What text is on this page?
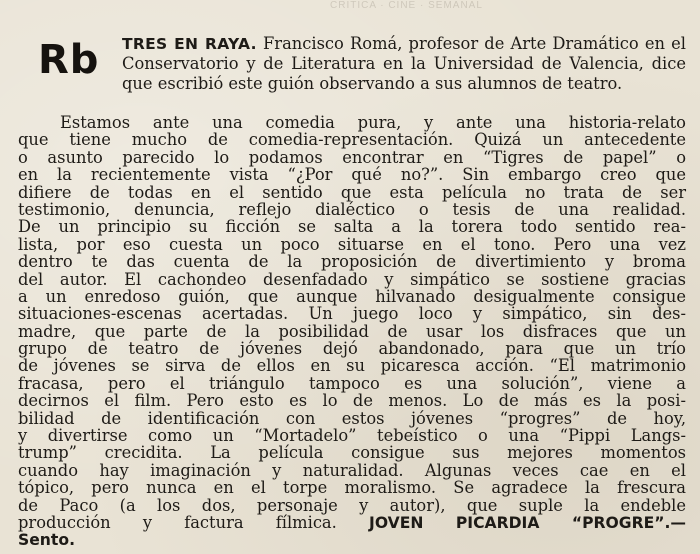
CRITICA · CINE · SEMANAL
Rb TRES EN RAYA. Francisco Romá, profesor de Arte Dramático en el Conservatorio y de Literatura en la Universidad de Valencia, dice que escribió este guión observando a sus alumnos de teatro.
Estamos ante una comedia pura, y ante una historia-relato
que tiene mucho de comedia-representación. Quizá un antecedente
o asunto parecido lo podamos encontrar en “Tigres de papel” o
en la recientemente vista “¿Por qué no?”. Sin embargo creo que
difiere de todas en el sentido que esta película no trata de ser
testimonio, denuncia, reflejo dialéctico o tesis de una realidad.
De un principio su ficción se salta a la torera todo sentido rea-
lista, por eso cuesta un poco situarse en el tono. Pero una vez
dentro te das cuenta de la proposición de divertimiento y broma
del autor. El cachondeo desenfadado y simpático se sostiene gracias
a un enredoso guión, que aunque hilvanado desigualmente consigue
situaciones-escenas acertadas. Un juego loco y simpático, sin des-
madre, que parte de la posibilidad de usar los disfraces que un
grupo de teatro de jóvenes dejó abandonado, para que un trío
de jóvenes se sirva de ellos en su picaresca acción. “El matrimonio
fracasa, pero el triángulo tampoco es una solución”, viene a
decirnos el film. Pero esto es lo de menos. Lo de más es la posi-
bilidad de identificación con estos jóvenes “progres” de hoy,
y divertirse como un “Mortadelo” tebeístico o una “Pippi Langs-
trump” crecidita. La película consigue sus mejores momentos
cuando hay imaginación y naturalidad. Algunas veces cae en el
tópico, pero nunca en el torpe moralismo. Se agradece la frescura
de Paco (a los dos, personaje y autor), que suple la endeble
producción y factura fílmica. JOVEN PICARDIA “PROGRE”.—
Sento.
